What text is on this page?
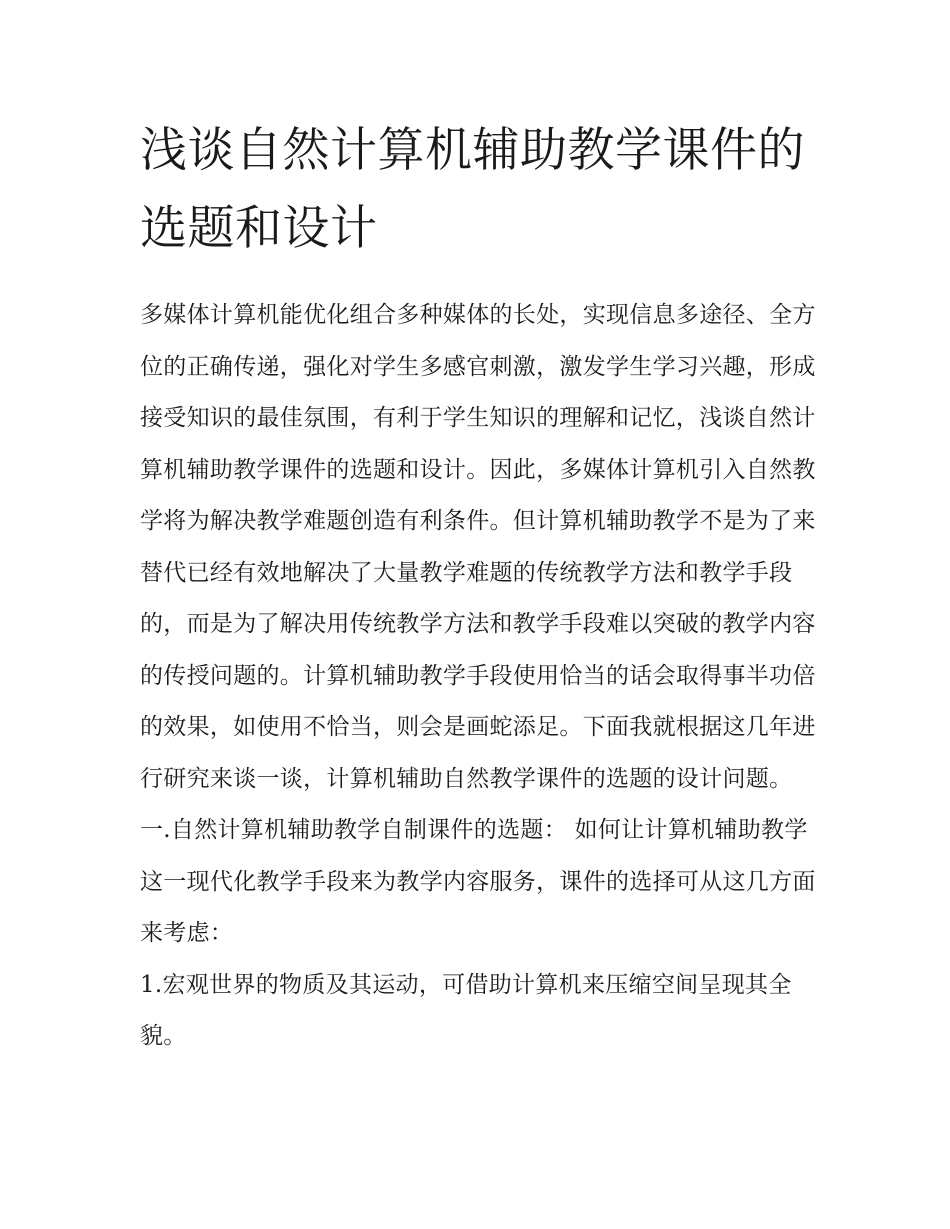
浅谈自然计算机辅助教学课件的选题和设计

多媒体计算机能优化组合多种媒体的长处，实现信息多途径、全方位的正确传递，强化对学生多感官刺激，激发学生学习兴趣，形成接受知识的最佳氛围，有利于学生知识的理解和记忆，浅谈自然计算机辅助教学课件的选题和设计。因此，多媒体计算机引入自然教学将为解决教学难题创造有利条件。但计算机辅助教学不是为了来替代已经有效地解决了大量教学难题的传统教学方法和教学手段的，而是为了解决用传统教学方法和教学手段难以突破的教学内容的传授问题的。计算机辅助教学手段使用恰当的话会取得事半功倍的效果，如使用不恰当，则会是画蛇添足。下面我就根据这几年进行研究来谈一谈，计算机辅助自然教学课件的选题的设计问题。

一.自然计算机辅助教学自制课件的选题： 如何让计算机辅助教学这一现代化教学手段来为教学内容服务，课件的选择可从这几方面来考虑：

1.宏观世界的物质及其运动，可借助计算机来压缩空间呈现其全貌。
